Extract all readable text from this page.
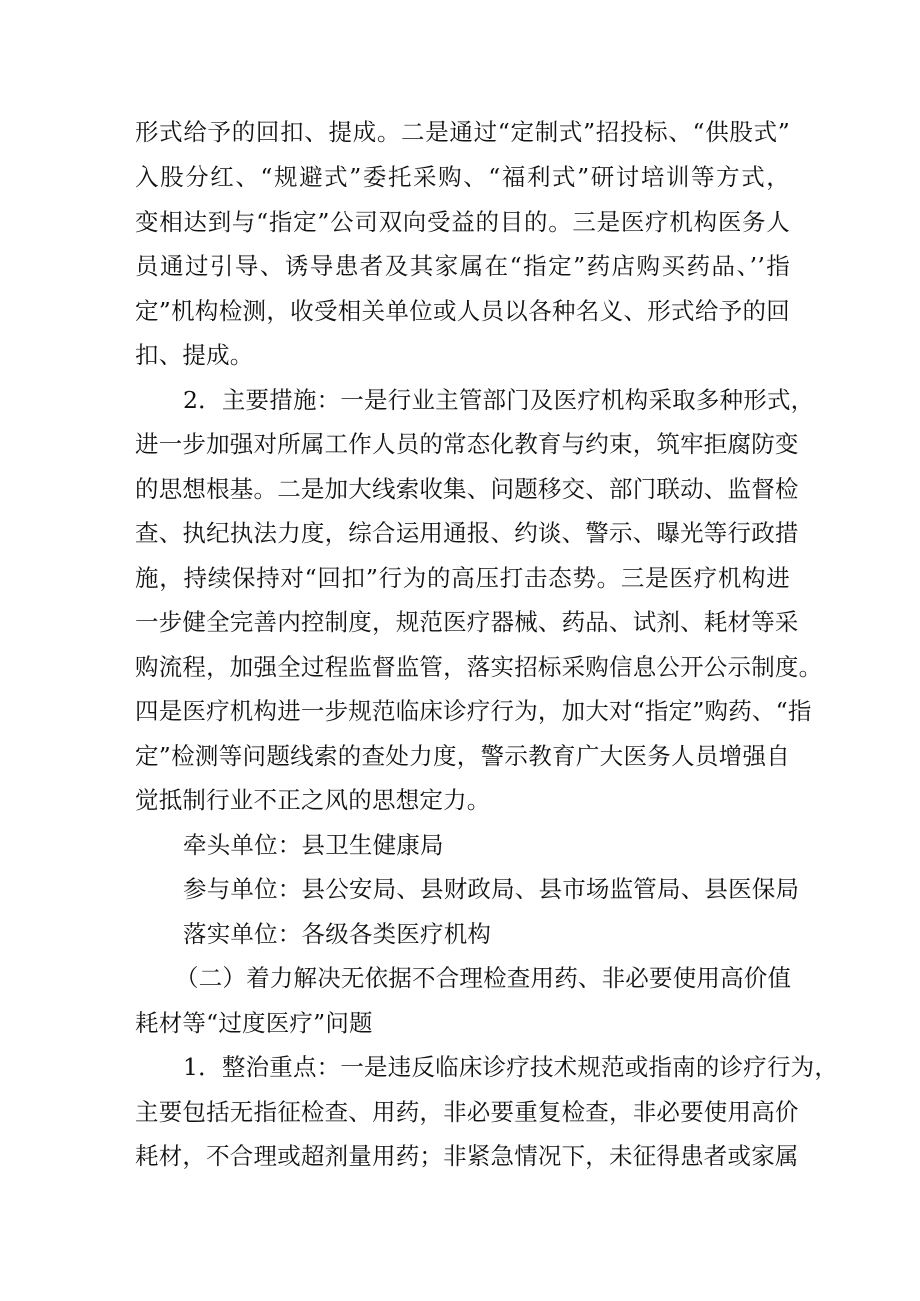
形式给予的回扣、提成。二是通过“定制式”招投标、“供股式”
入股分红、“规避式”委托采购、“福利式”研讨培训等方式，
变相达到与“指定”公司双向受益的目的。三是医疗机构医务人
员通过引导、诱导患者及其家属在“指定”药店购买药品、’’指
定”机构检测，收受相关单位或人员以各种名义、形式给予的回
扣、提成。
2．主要措施：一是行业主管部门及医疗机构采取多种形式，
进一步加强对所属工作人员的常态化教育与约束，筑牢拒腐防变
的思想根基。二是加大线索收集、问题移交、部门联动、监督检
查、执纪执法力度，综合运用通报、约谈、警示、曝光等行政措
施，持续保持对“回扣”行为的高压打击态势。三是医疗机构进
一步健全完善内控制度，规范医疗器械、药品、试剂、耗材等采
购流程，加强全过程监督监管，落实招标采购信息公开公示制度。
四是医疗机构进一步规范临床诊疗行为，加大对“指定”购药、“指
定”检测等问题线索的查处力度，警示教育广大医务人员增强自
觉抵制行业不正之风的思想定力。
牵头单位：县卫生健康局
参与单位：县公安局、县财政局、县市场监管局、县医保局
落实单位：各级各类医疗机构
（二）着力解决无依据不合理检查用药、非必要使用高价值
耗材等“过度医疗”问题
1．整治重点：一是违反临床诊疗技术规范或指南的诊疗行为，
主要包括无指征检查、用药，非必要重复检查，非必要使用高价
耗材，不合理或超剂量用药；非紧急情况下，未征得患者或家属
